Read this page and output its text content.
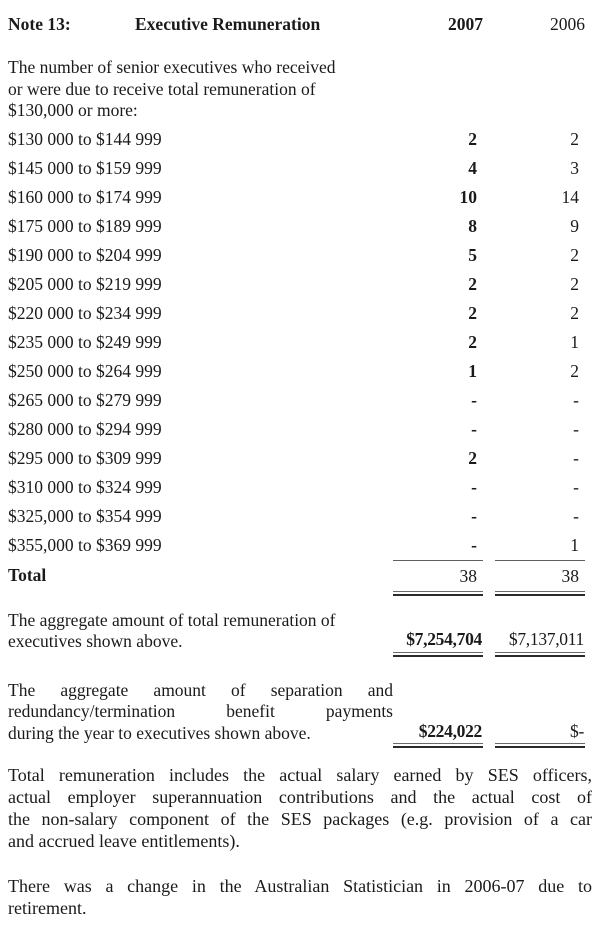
Note 13:	Executive Remuneration	2007	2006
The number of senior executives who received
or were due to receive total remuneration of
$130,000 or more:
$130 000 to $144 999	2	2
$145 000 to $159 999	4	3
$160 000 to $174 999	10	14
$175 000 to $189 999	8	9
$190 000 to $204 999	5	2
$205 000 to $219 999	2	2
$220 000 to $234 999	2	2
$235 000 to $249 999	2	1
$250 000 to $264 999	1	2
$265 000 to $279 999	-	-
$280 000 to $294 999	-	-
$295 000 to $309 999	2	-
$310 000 to $324 999	-	-
$325,000 to $354 999	-	-
$355,000 to $369 999	-	1
Total	38	38
The aggregate amount of total remuneration of
executives shown above.	$7,254,704	$7,137,011
The aggregate amount of separation and
redundancy/termination benefit payments
during the year to executives shown above.	$224,022	$-
Total remuneration includes the actual salary earned by SES officers,
actual employer superannuation contributions and the actual cost of
the non-salary component of the SES packages (e.g. provision of a car
and accrued leave entitlements).
There was a change in the Australian Statistician in 2006-07 due to
retirement.
